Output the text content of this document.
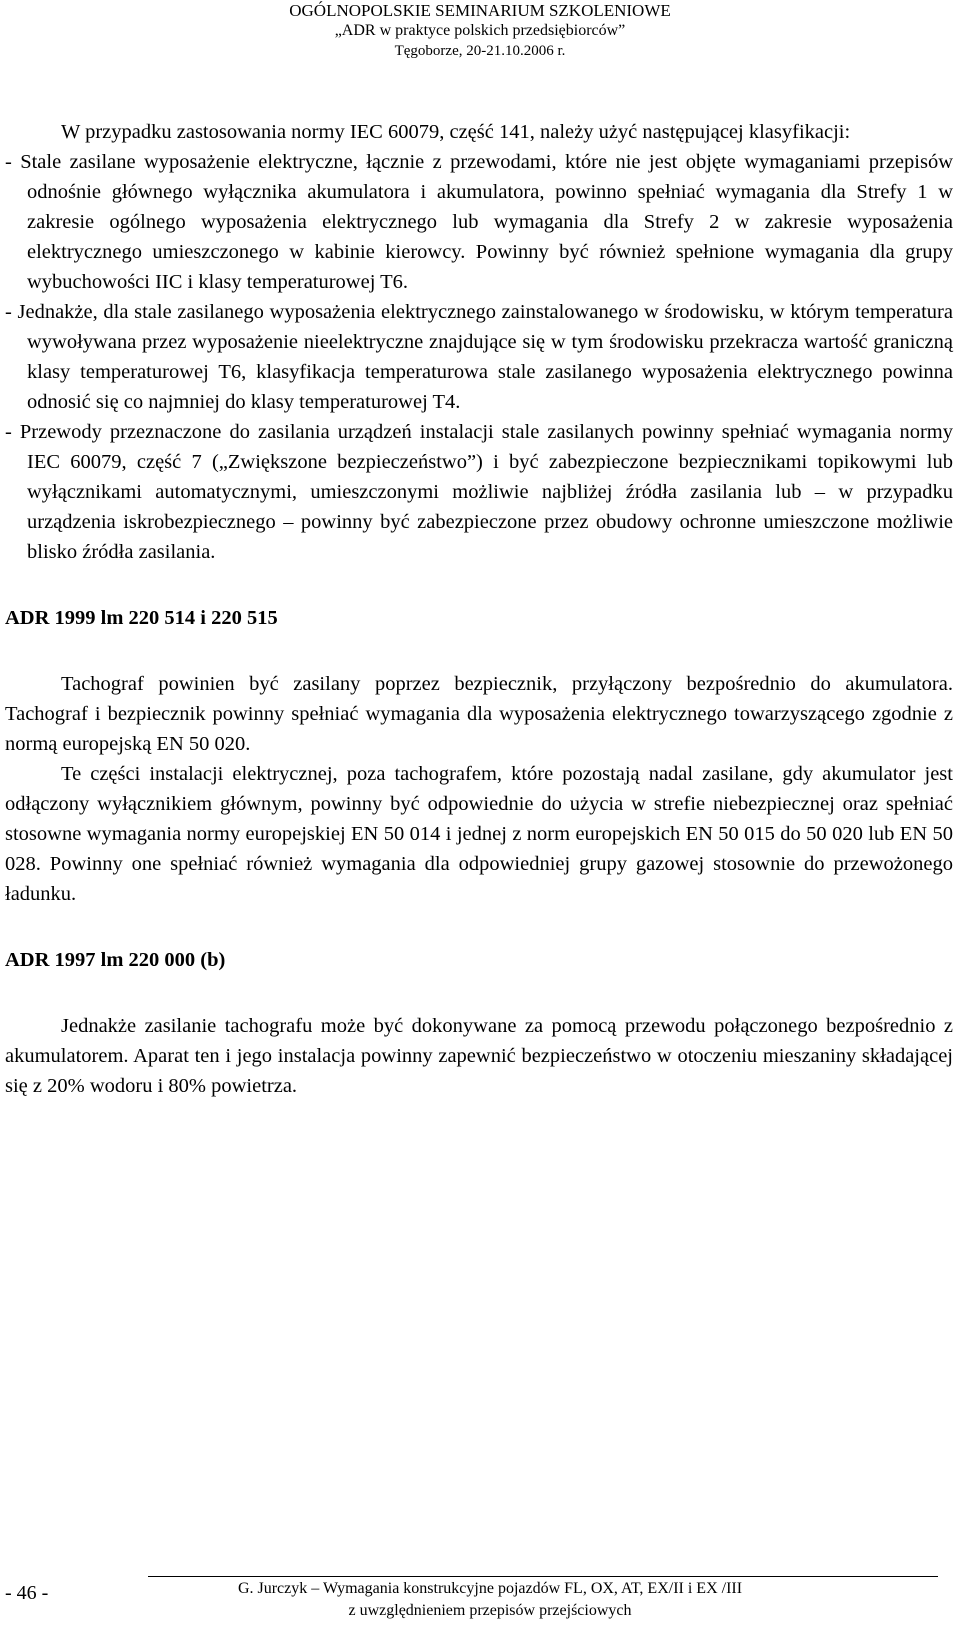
OGÓLNOPOLSKIE SEMINARIUM SZKOLENIOWE
„ADR w praktyce polskich przedsiębiorców”
Tęgoborze, 20-21.10.2006 r.

W przypadku zastosowania normy IEC 60079, część 141, należy użyć następującej klasyfikacji:

- Stale zasilane wyposażenie elektryczne, łącznie z przewodami, które nie jest objęte wymaganiami przepisów odnośnie głównego wyłącznika akumulatora i akumulatora, powinno spełniać wymagania dla Strefy 1 w zakresie ogólnego wyposażenia elektrycznego lub wymagania dla Strefy 2 w zakresie wyposażenia elektrycznego umieszczonego w kabinie kierowcy. Powinny być również spełnione wymagania dla grupy wybuchowości IIC i klasy temperaturowej T6.

- Jednakże, dla stale zasilanego wyposażenia elektrycznego zainstalowanego w środowisku, w którym temperatura wywoływana przez wyposażenie nieelektryczne znajdujące się w tym środowisku przekracza wartość graniczną klasy temperaturowej T6, klasyfikacja temperaturowa stale zasilanego wyposażenia elektrycznego powinna odnosić się co najmniej do klasy temperaturowej T4.

- Przewody przeznaczone do zasilania urządzeń instalacji stale zasilanych powinny spełniać wymagania normy IEC 60079, część 7 („Zwiększone bezpieczeństwo”) i być zabezpieczone bezpiecznikami topikowymi lub wyłącznikami automatycznymi, umieszczonymi możliwie najbliżej źródła zasilania lub – w przypadku urządzenia iskrobezpiecznego – powinny być zabezpieczone przez obudowy ochronne umieszczone możliwie blisko źródła zasilania.

ADR 1999 lm 220 514 i 220 515

Tachograf powinien być zasilany poprzez bezpiecznik, przyłączony bezpośrednio do akumulatora. Tachograf i bezpiecznik powinny spełniać wymagania dla wyposażenia elektrycznego towarzyszącego zgodnie z normą europejską EN 50 020.

Te części instalacji elektrycznej, poza tachografem, które pozostają nadal zasilane, gdy akumulator jest odłączony wyłącznikiem głównym, powinny być odpowiednie do użycia w strefie niebezpiecznej oraz spełniać stosowne wymagania normy europejskiej EN 50 014 i jednej z norm europejskich EN 50 015 do 50 020 lub EN 50 028. Powinny one spełniać również wymagania dla odpowiedniej grupy gazowej stosownie do przewożonego ładunku.

ADR 1997 lm 220 000 (b)

Jednakże zasilanie tachografu może być dokonywane za pomocą przewodu połączonego bezpośrednio z akumulatorem. Aparat ten i jego instalacja powinny zapewnić bezpieczeństwo w otoczeniu mieszaniny składającej się z 20% wodoru i 80% powietrza.

- 46 -	G. Jurczyk – Wymagania konstrukcyjne pojazdów FL, OX, AT, EX/II i EX /III
z uwzględnieniem przepisów przejściowych
